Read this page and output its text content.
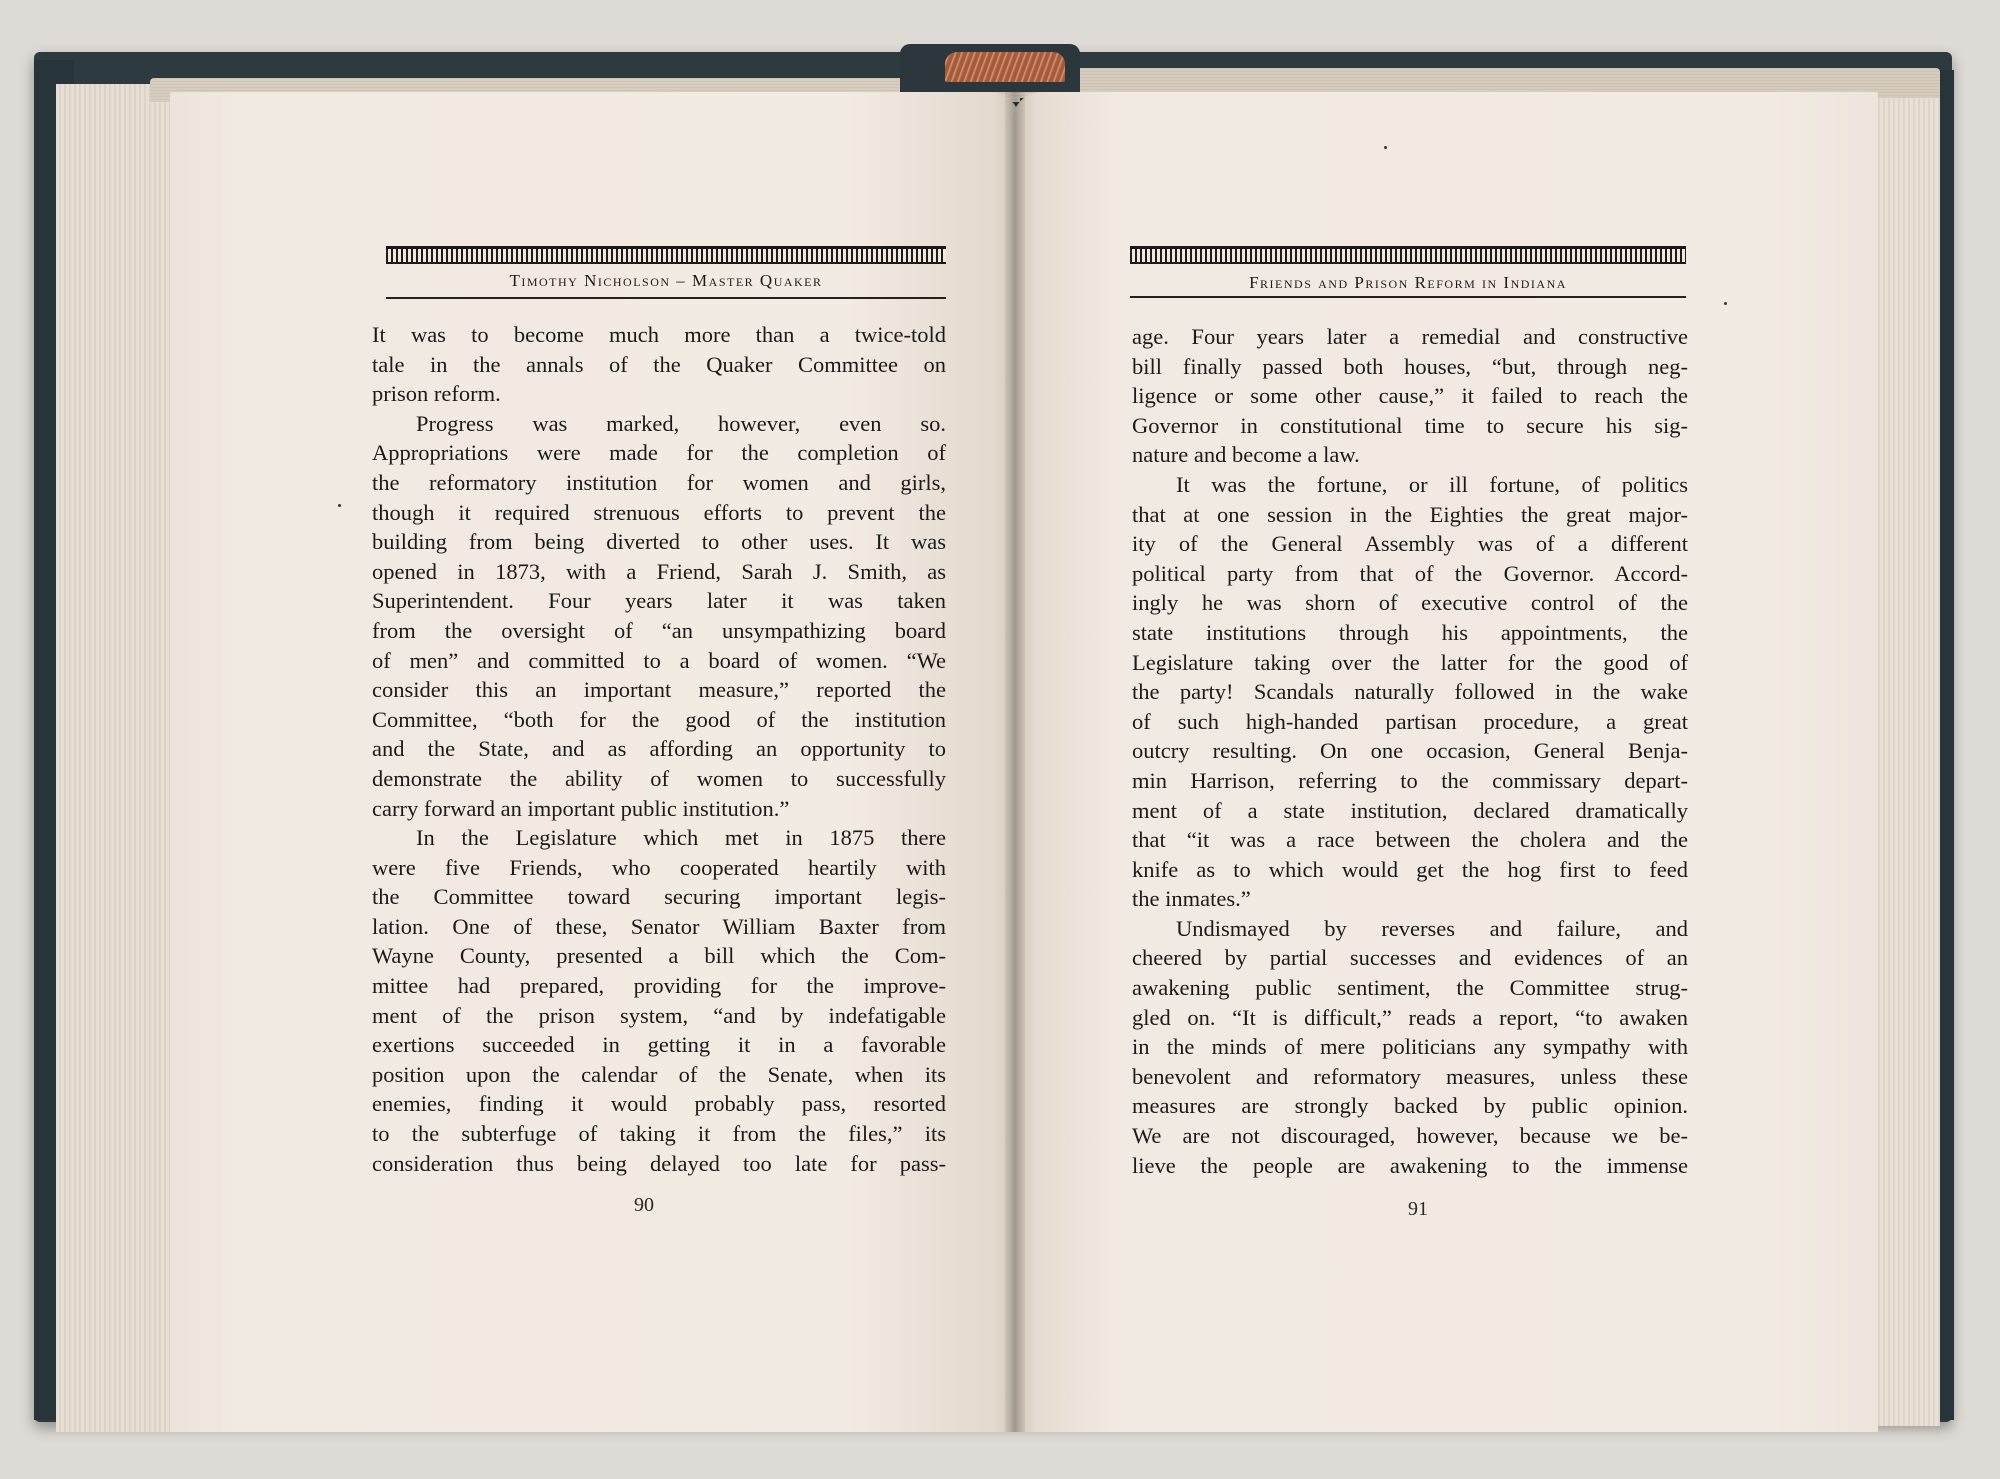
Timothy Nicholson – Master Quaker
It was to become much more than a twice-told
tale in the annals of the Quaker Committee on
prison reform.
Progress was marked, however, even so.
Appropriations were made for the completion of
the reformatory institution for women and girls,
though it required strenuous efforts to prevent the
building from being diverted to other uses. It was
opened in 1873, with a Friend, Sarah J. Smith, as
Superintendent. Four years later it was taken
from the oversight of “an unsympathizing board
of men” and committed to a board of women. “We
consider this an important measure,” reported the
Committee, “both for the good of the institution
and the State, and as affording an opportunity to
demonstrate the ability of women to successfully
carry forward an important public institution.”
In the Legislature which met in 1875 there
were five Friends, who cooperated heartily with
the Committee toward securing important legis-
lation. One of these, Senator William Baxter from
Wayne County, presented a bill which the Com-
mittee had prepared, providing for the improve-
ment of the prison system, “and by indefatigable
exertions succeeded in getting it in a favorable
position upon the calendar of the Senate, when its
enemies, finding it would probably pass, resorted
to the subterfuge of taking it from the files,” its
consideration thus being delayed too late for pass-
90
Friends and Prison Reform in Indiana
age. Four years later a remedial and constructive
bill finally passed both houses, “but, through neg-
ligence or some other cause,” it failed to reach the
Governor in constitutional time to secure his sig-
nature and become a law.
It was the fortune, or ill fortune, of politics
that at one session in the Eighties the great major-
ity of the General Assembly was of a different
political party from that of the Governor. Accord-
ingly he was shorn of executive control of the
state institutions through his appointments, the
Legislature taking over the latter for the good of
the party! Scandals naturally followed in the wake
of such high-handed partisan procedure, a great
outcry resulting. On one occasion, General Benja-
min Harrison, referring to the commissary depart-
ment of a state institution, declared dramatically
that “it was a race between the cholera and the
knife as to which would get the hog first to feed
the inmates.”
Undismayed by reverses and failure, and
cheered by partial successes and evidences of an
awakening public sentiment, the Committee strug-
gled on. “It is difficult,” reads a report, “to awaken
in the minds of mere politicians any sympathy with
benevolent and reformatory measures, unless these
measures are strongly backed by public opinion.
We are not discouraged, however, because we be-
lieve the people are awakening to the immense
91
